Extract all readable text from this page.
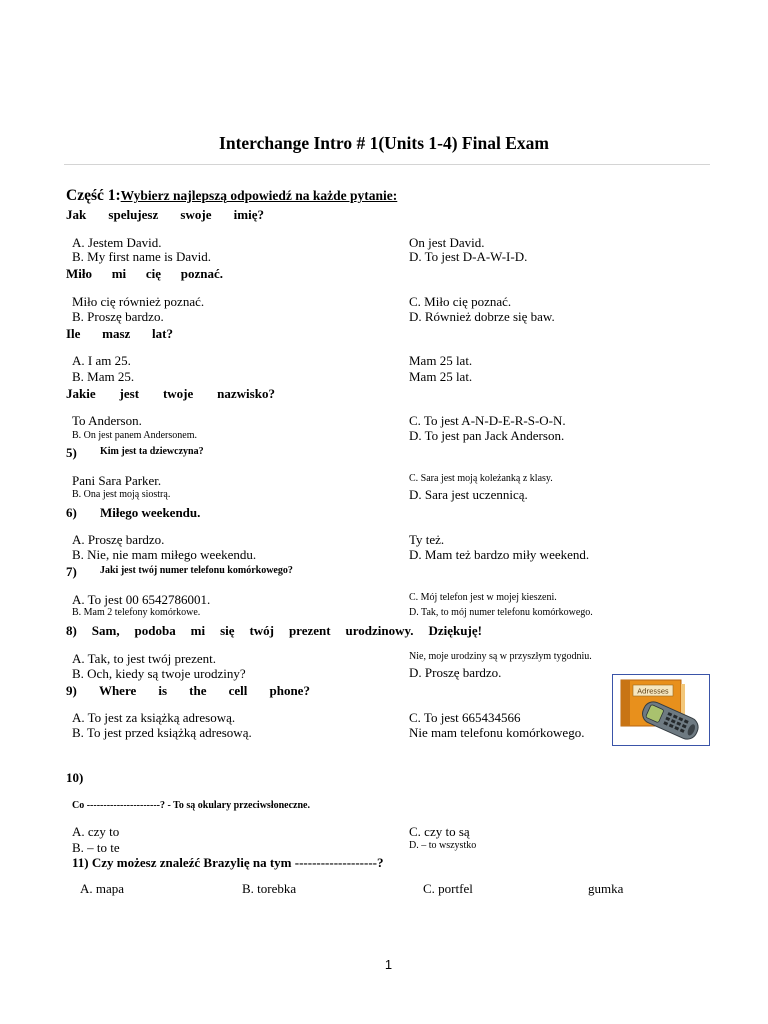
Interchange Intro # 1(Units 1-4) Final Exam
Część 1:Wybierz najlepszą odpowiedź na każde pytanie:
Jak spelujesz swoje imię?
A. Jestem David.
B. My first name is David.
On jest David.
D. To jest D-A-W-I-D.
Miło mi cię poznać.
Miło cię również poznać.
B. Proszę bardzo.
C. Miło cię poznać.
D. Również dobrze się baw.
Ile masz lat?
A. I am 25.
B. Mam 25.
Mam 25 lat.
Mam 25 lat.
Jakie jest twoje nazwisko?
To Anderson.
B. On jest panem Andersonem.
C. To jest A-N-D-E-R-S-O-N.
D. To jest pan Jack Anderson.
5)	Kim jest ta dziewczyna?
Pani Sara Parker.
B. Ona jest moją siostrą.
C. Sara jest moją koleżanką z klasy.
D. Sara jest uczennicą.
6)	Miłego weekendu.
A. Proszę bardzo.
B. Nie, nie mam miłego weekendu.
Ty też.
D. Mam też bardzo miły weekend.
7)	Jaki jest twój numer telefonu komórkowego?
A. To jest 00 6542786001.
B. Mam 2 telefony komórkowe.
C. Mój telefon jest w mojej kieszeni.
D. Tak, to mój numer telefonu komórkowego.
8) Sam, podoba mi się twój prezent urodzinowy. Dziękuję!
A. Tak, to jest twój prezent.
B. Och, kiedy są twoje urodziny?
Nie, moje urodziny są w przyszłym tygodniu.
D. Proszę bardzo.
9) Where is the cell phone?
A. To jest za książką adresową.
B. To jest przed książką adresową.
C. To jest 665434566
Nie mam telefonu komórkowego.
Adresses
10)
Co ----------------------? - To są okulary przeciwsłoneczne.
A. czy to
B. – to te
C. czy to są
D. – to wszystko
11)
Czy możesz znaleźć Brazylię na tym -------------------?
A. mapa	B. torebka	C. portfel	gumka
1
